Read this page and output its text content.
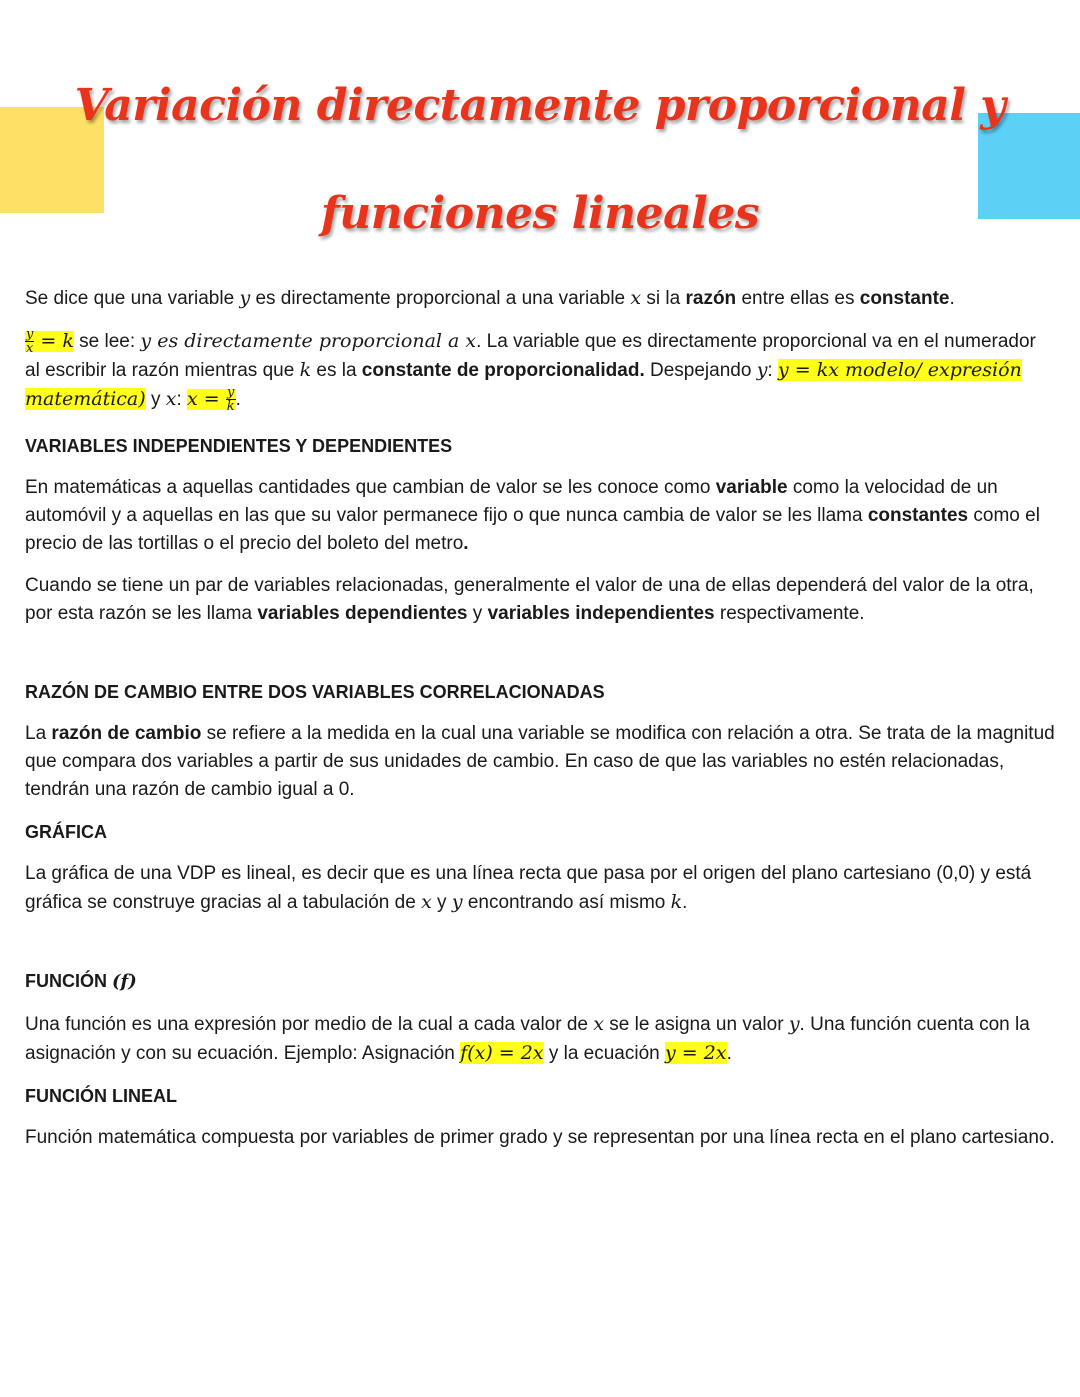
Variación directamente proporcional y
funciones lineales

Se dice que una variable y es directamente proporcional a una variable x si la razón entre ellas es constante.

$\frac{y}{x} = k$ se lee: y es directamente proporcional a x. La variable que es directamente proporcional va en el numerador al escribir la razón mientras que k es la constante de proporcionalidad. Despejando y: y = kx modelo/ expresión matemática) y x: $x = \frac{y}{k}$ .

VARIABLES INDEPENDIENTES Y DEPENDIENTES

En matemáticas a aquellas cantidades que cambian de valor se les conoce como variable como la velocidad de un automóvil y a aquellas en las que su valor permanece fijo o que nunca cambia de valor se les llama constantes como el precio de las tortillas o el precio del boleto del metro.

Cuando se tiene un par de variables relacionadas, generalmente el valor de una de ellas dependerá del valor de la otra, por esta razón se les llama variables dependientes y variables independientes respectivamente.

RAZÓN DE CAMBIO ENTRE DOS VARIABLES CORRELACIONADAS

La razón de cambio se refiere a la medida en la cual una variable se modifica con relación a otra. Se trata de la magnitud que compara dos variables a partir de sus unidades de cambio. En caso de que las variables no estén relacionadas, tendrán una razón de cambio igual a 0.

GRÁFICA

La gráfica de una VDP es lineal, es decir que es una línea recta que pasa por el origen del plano cartesiano (0,0) y está gráfica se construye gracias al a tabulación de x y y encontrando así mismo k.

FUNCIÓN (f)

Una función es una expresión por medio de la cual a cada valor de x se le asigna un valor y. Una función cuenta con la asignación y con su ecuación. Ejemplo: Asignación f(x) = 2x y la ecuación y = 2x.

FUNCIÓN LINEAL

Función matemática compuesta por variables de primer grado y se representan por una línea recta en el plano cartesiano.
